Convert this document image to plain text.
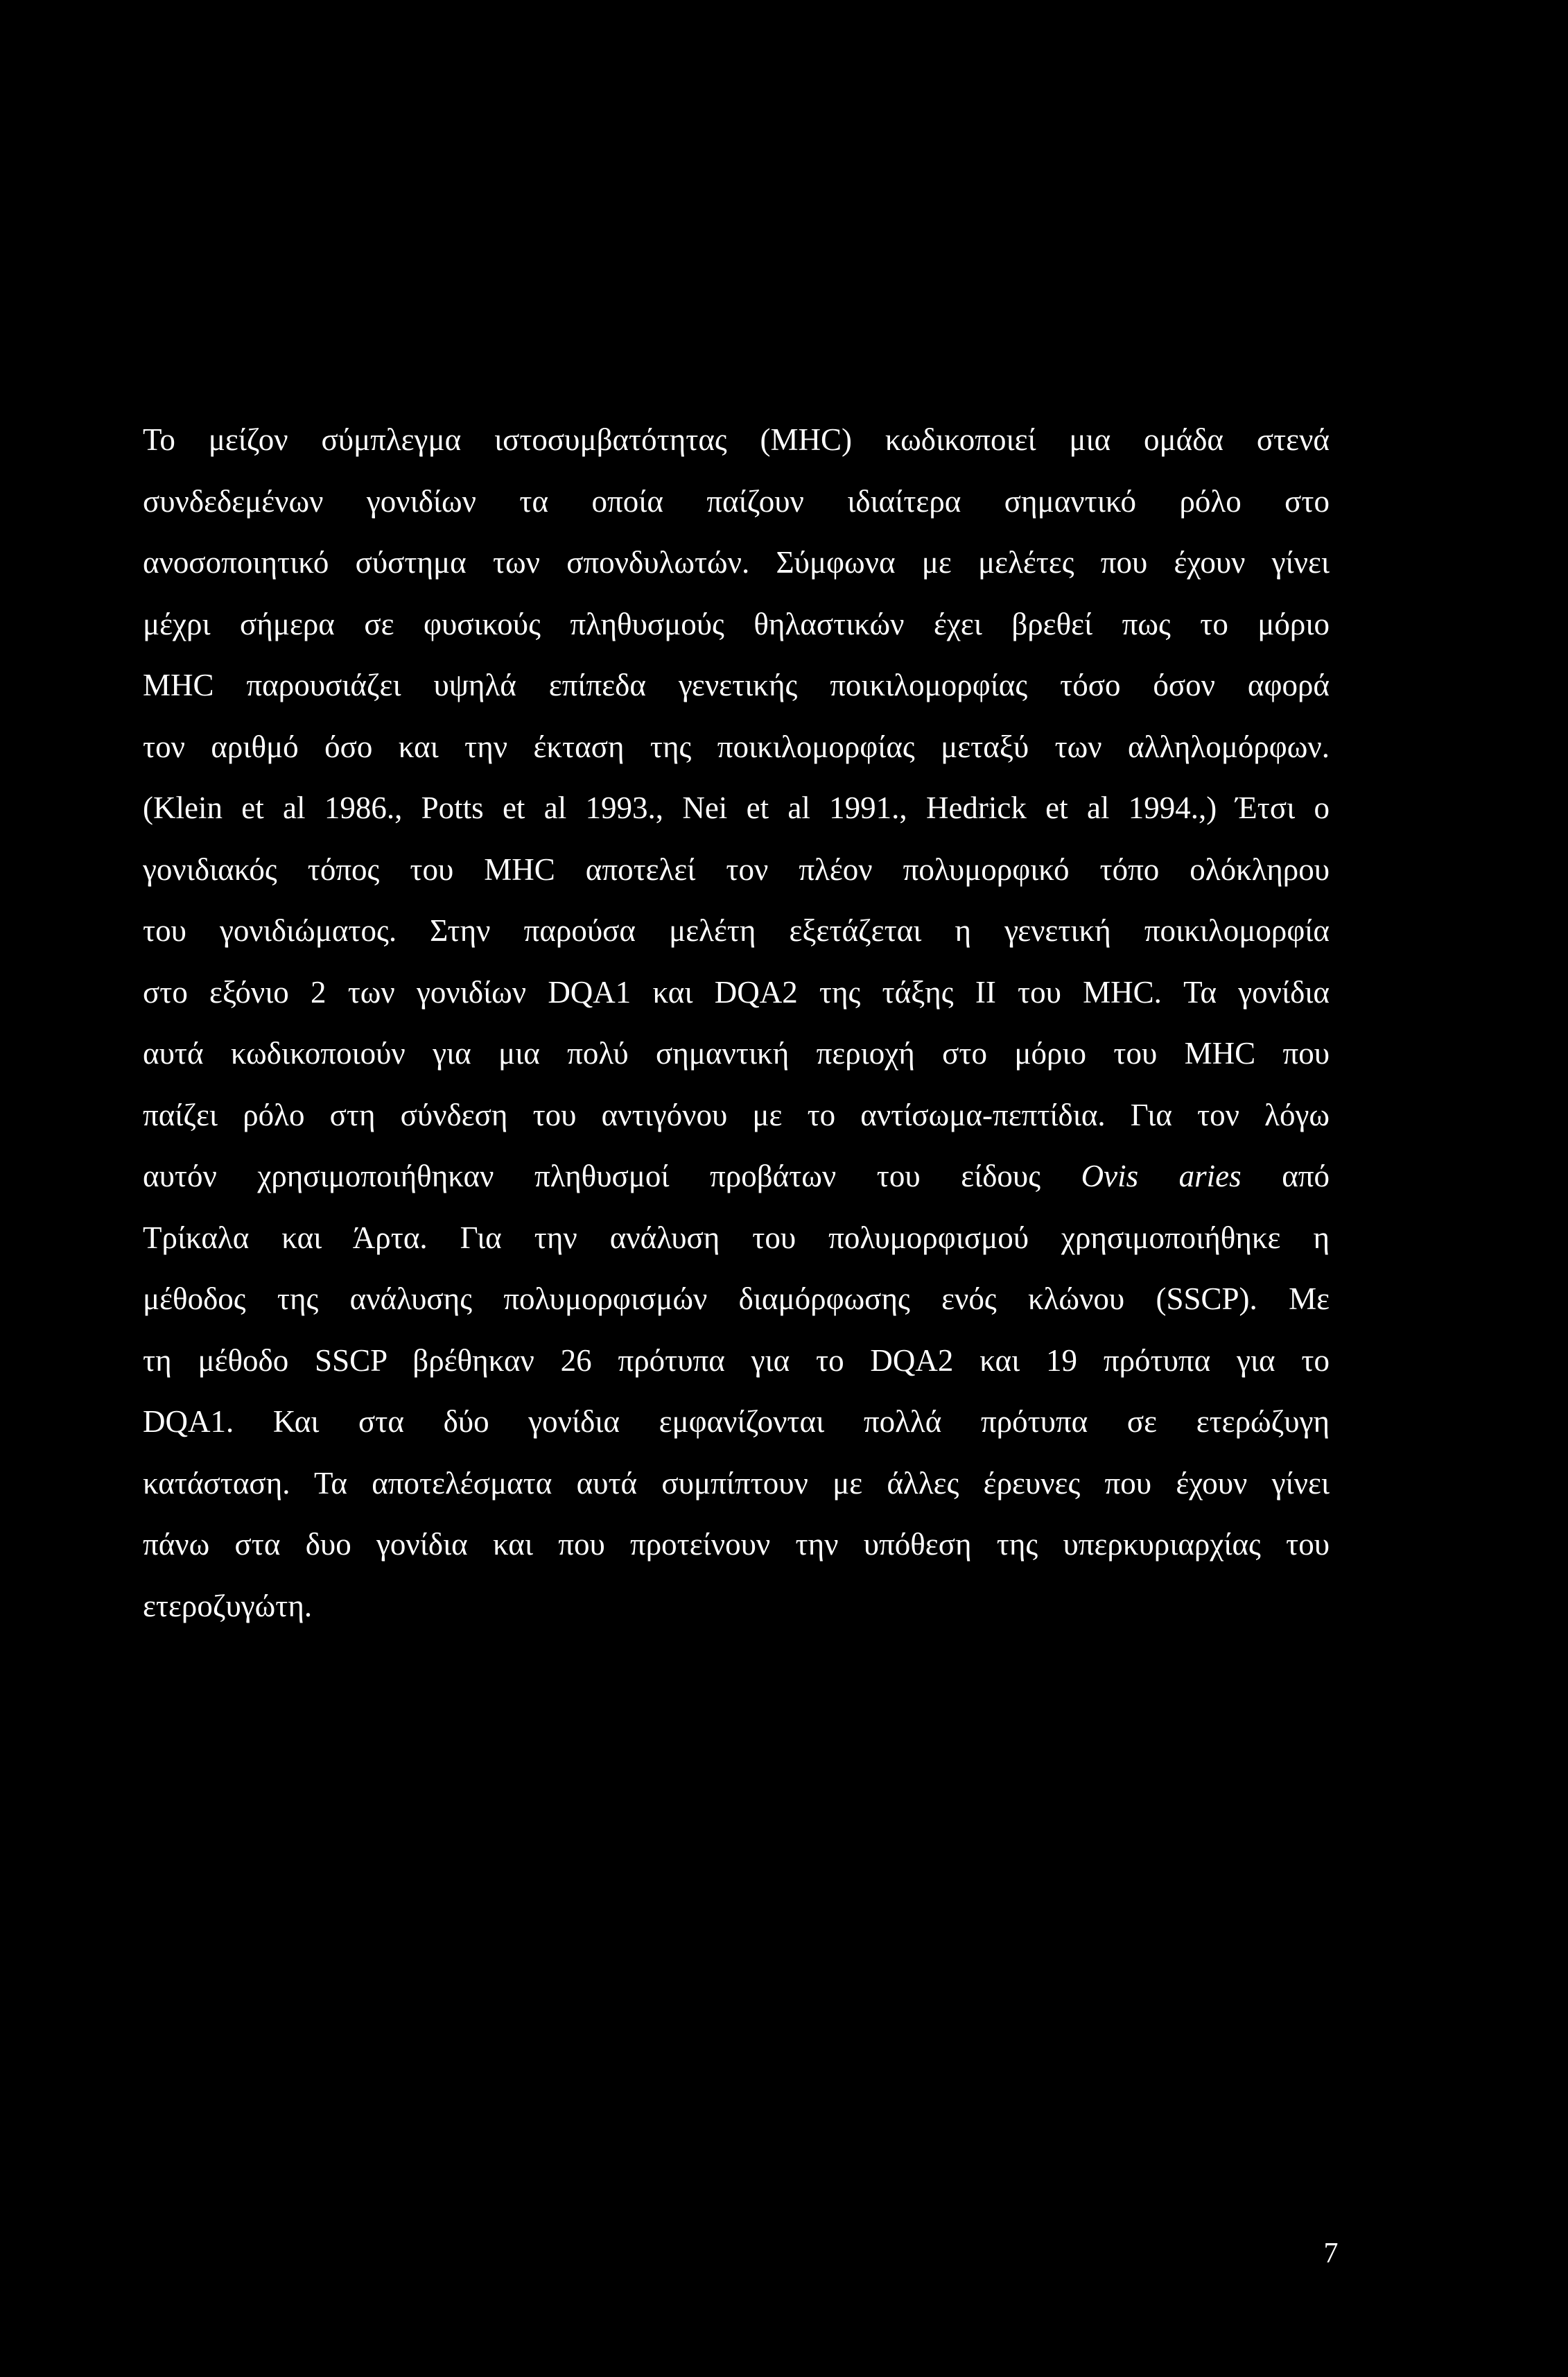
Το μείζον σύμπλεγμα ιστοσυμβατότητας (MHC) κωδικοποιεί μια ομάδα στενά
συνδεδεμένων γονιδίων τα οποία παίζουν ιδιαίτερα σημαντικό ρόλο στο
ανοσοποιητικό σύστημα των σπονδυλωτών. Σύμφωνα με μελέτες που έχουν γίνει
μέχρι σήμερα σε φυσικούς πληθυσμούς θηλαστικών έχει βρεθεί πως το μόριο
MHC παρουσιάζει υψηλά επίπεδα γενετικής ποικιλομορφίας τόσο όσον αφορά
τον αριθμό όσο και την έκταση της ποικιλομορφίας μεταξύ των αλληλομόρφων.
(Klein et al 1986., Potts et al 1993., Nei et al 1991., Hedrick et al 1994.,) Έτσι ο
γονιδιακός τόπος του MHC αποτελεί τον πλέον πολυμορφικό τόπο ολόκληρου
του γονιδιώματος. Στην παρούσα μελέτη εξετάζεται η γενετική ποικιλομορφία
στο εξόνιο 2 των γονιδίων DQA1 και DQA2 της τάξης II του MHC. Τα γονίδια
αυτά κωδικοποιούν για μια πολύ σημαντική περιοχή στο μόριο του MHC που
παίζει ρόλο στη σύνδεση του αντιγόνου με το αντίσωμα-πεπτίδια. Για τον λόγω
αυτόν χρησιμοποιήθηκαν πληθυσμοί προβάτων του είδους Ovis aries από
Τρίκαλα και Άρτα. Για την ανάλυση του πολυμορφισμού χρησιμοποιήθηκε η
μέθοδος της ανάλυσης πολυμορφισμών διαμόρφωσης ενός κλώνου (SSCP). Με
τη μέθοδο SSCP βρέθηκαν 26 πρότυπα για το DQA2 και 19 πρότυπα για το
DQA1. Και στα δύο γονίδια εμφανίζονται πολλά πρότυπα σε ετερώζυγη
κατάσταση. Τα αποτελέσματα αυτά συμπίπτουν με άλλες έρευνες που έχουν γίνει
πάνω στα δυο γονίδια και που προτείνουν την υπόθεση της υπερκυριαρχίας του
ετεροζυγώτη.
7
